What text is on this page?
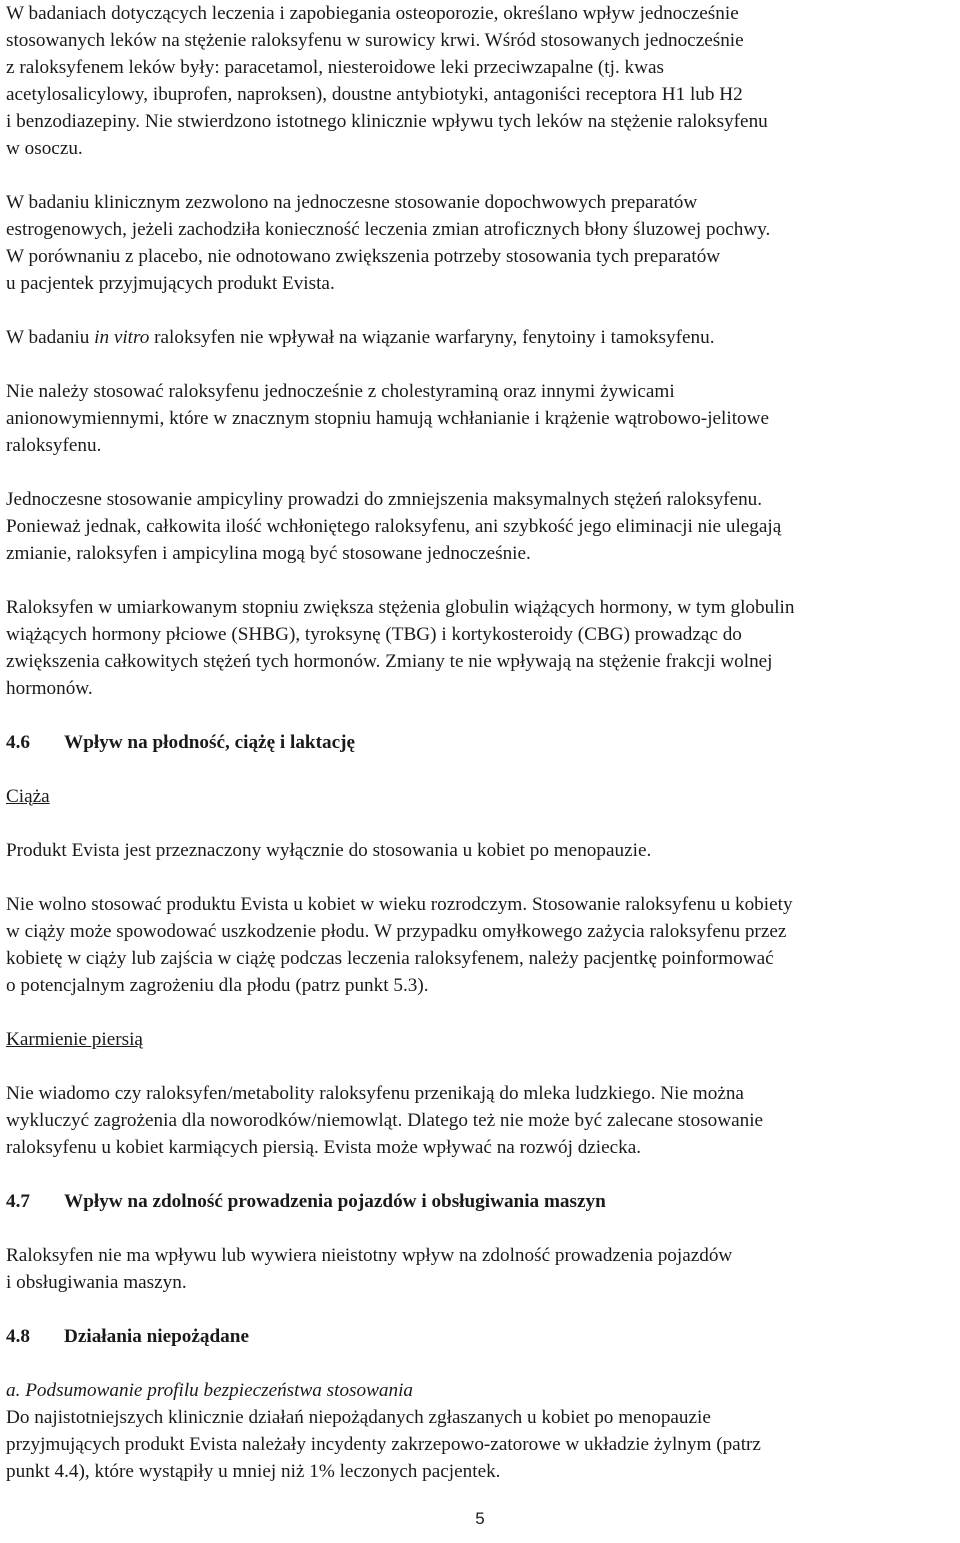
W badaniach dotyczących leczenia i zapobiegania osteoporozie, określano wpływ jednocześnie
stosowanych leków na stężenie raloksyfenu w surowicy krwi. Wśród stosowanych jednocześnie
z raloksyfenem leków były: paracetamol, niesteroidowe leki przeciwzapalne (tj. kwas
acetylosalicylowy, ibuprofen, naproksen), doustne antybiotyki, antagoniści receptora H1 lub H2
i benzodiazepiny. Nie stwierdzono istotnego klinicznie wpływu tych leków na stężenie raloksyfenu
w osoczu.

W badaniu klinicznym zezwolono na jednoczesne stosowanie dopochwowych preparatów
estrogenowych, jeżeli zachodziła konieczność leczenia zmian atroficznych błony śluzowej pochwy.
W porównaniu z placebo, nie odnotowano zwiększenia potrzeby stosowania tych preparatów
u pacjentek przyjmujących produkt Evista.

W badaniu in vitro raloksyfen nie wpływał na wiązanie warfaryny, fenytoiny i tamoksyfenu.

Nie należy stosować raloksyfenu jednocześnie z cholestyraminą oraz innymi żywicami
anionowymiennymi, które w znacznym stopniu hamują wchłanianie i krążenie wątrobowo-jelitowe
raloksyfenu.

Jednoczesne stosowanie ampicyliny prowadzi do zmniejszenia maksymalnych stężeń raloksyfenu.
Ponieważ jednak, całkowita ilość wchłoniętego raloksyfenu, ani szybkość jego eliminacji nie ulegają
zmianie, raloksyfen i ampicylina mogą być stosowane jednocześnie.

Raloksyfen w umiarkowanym stopniu zwiększa stężenia globulin wiążących hormony, w tym globulin
wiążących hormony płciowe (SHBG), tyroksynę (TBG) i kortykosteroidy (CBG) prowadząc do
zwiększenia całkowitych stężeń tych hormonów. Zmiany te nie wpływają na stężenie frakcji wolnej
hormonów.

4.6 Wpływ na płodność, ciążę i laktację

Ciąża

Produkt Evista jest przeznaczony wyłącznie do stosowania u kobiet po menopauzie.

Nie wolno stosować produktu Evista u kobiet w wieku rozrodczym. Stosowanie raloksyfenu u kobiety
w ciąży może spowodować uszkodzenie płodu. W przypadku omyłkowego zażycia raloksyfenu przez
kobietę w ciąży lub zajścia w ciążę podczas leczenia raloksyfenem, należy pacjentkę poinformować
o potencjalnym zagrożeniu dla płodu (patrz punkt 5.3).

Karmienie piersią

Nie wiadomo czy raloksyfen/metabolity raloksyfenu przenikają do mleka ludzkiego. Nie można
wykluczyć zagrożenia dla noworodków/niemowląt. Dlatego też nie może być zalecane stosowanie
raloksyfenu u kobiet karmiących piersią. Evista może wpływać na rozwój dziecka.

4.7 Wpływ na zdolność prowadzenia pojazdów i obsługiwania maszyn

Raloksyfen nie ma wpływu lub wywiera nieistotny wpływ na zdolność prowadzenia pojazdów
i obsługiwania maszyn.

4.8 Działania niepożądane

a. Podsumowanie profilu bezpieczeństwa stosowania

Do najistotniejszych klinicznie działań niepożądanych zgłaszanych u kobiet po menopauzie
przyjmujących produkt Evista należały incydenty zakrzepowo-zatorowe w układzie żylnym (patrz
punkt 4.4), które wystąpiły u mniej niż 1% leczonych pacjentek.

5
